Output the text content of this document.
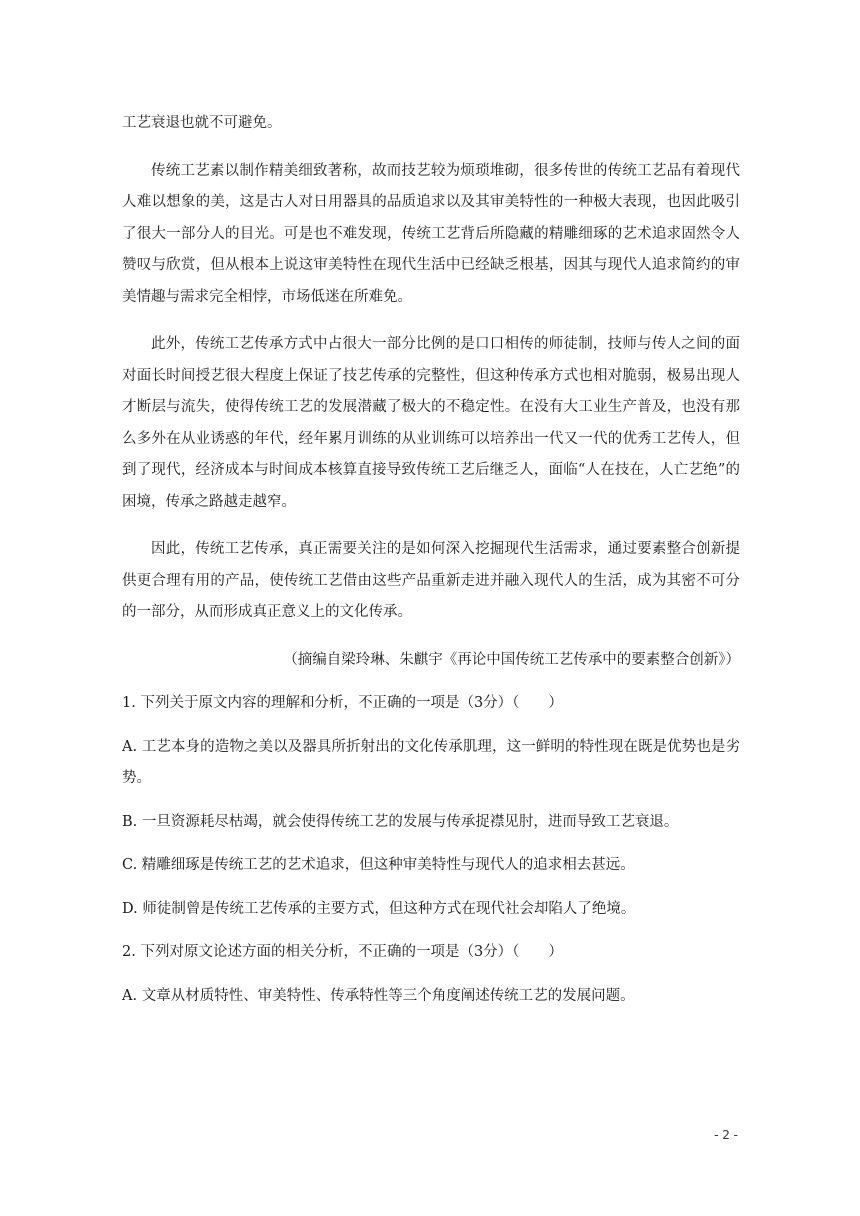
工艺衰退也就不可避免。

传统工艺素以制作精美细致著称，故而技艺较为烦琐堆砌，很多传世的传统工艺品有着现代人难以想象的美，这是古人对日用器具的品质追求以及其审美特性的一种极大表现，也因此吸引了很大一部分人的目光。可是也不难发现，传统工艺背后所隐藏的精雕细琢的艺术追求固然令人赞叹与欣赏，但从根本上说这审美特性在现代生活中已经缺乏根基，因其与现代人追求简约的审美情趣与需求完全相悖，市场低迷在所难免。

此外，传统工艺传承方式中占很大一部分比例的是口口相传的师徒制，技师与传人之间的面对面长时间授艺很大程度上保证了技艺传承的完整性，但这种传承方式也相对脆弱，极易出现人才断层与流失，使得传统工艺的发展潜藏了极大的不稳定性。在没有大工业生产普及，也没有那么多外在从业诱惑的年代，经年累月训练的从业训练可以培养出一代又一代的优秀工艺传人，但到了现代，经济成本与时间成本核算直接导致传统工艺后继乏人，面临“人在技在，人亡艺绝”的困境，传承之路越走越窄。

因此，传统工艺传承，真正需要关注的是如何深入挖掘现代生活需求，通过要素整合创新提供更合理有用的产品，使传统工艺借由这些产品重新走进并融入现代人的生活，成为其密不可分的一部分，从而形成真正意义上的文化传承。

（摘编自梁玲琳、朱麒宇《再论中国传统工艺传承中的要素整合创新》）

1. 下列关于原文内容的理解和分析，不正确的一项是（3分）（　　）

A. 工艺本身的造物之美以及器具所折射出的文化传承肌理，这一鲜明的特性现在既是优势也是劣势。

B. 一旦资源耗尽枯竭，就会使得传统工艺的发展与传承捉襟见肘，进而导致工艺衰退。

C. 精雕细琢是传统工艺的艺术追求，但这种审美特性与现代人的追求相去甚远。

D. 师徒制曾是传统工艺传承的主要方式，但这种方式在现代社会却陷人了绝境。

2. 下列对原文论述方面的相关分析，不正确的一项是（3分）（　　）

A. 文章从材质特性、审美特性、传承特性等三个角度阐述传统工艺的发展问题。

- 2 -
